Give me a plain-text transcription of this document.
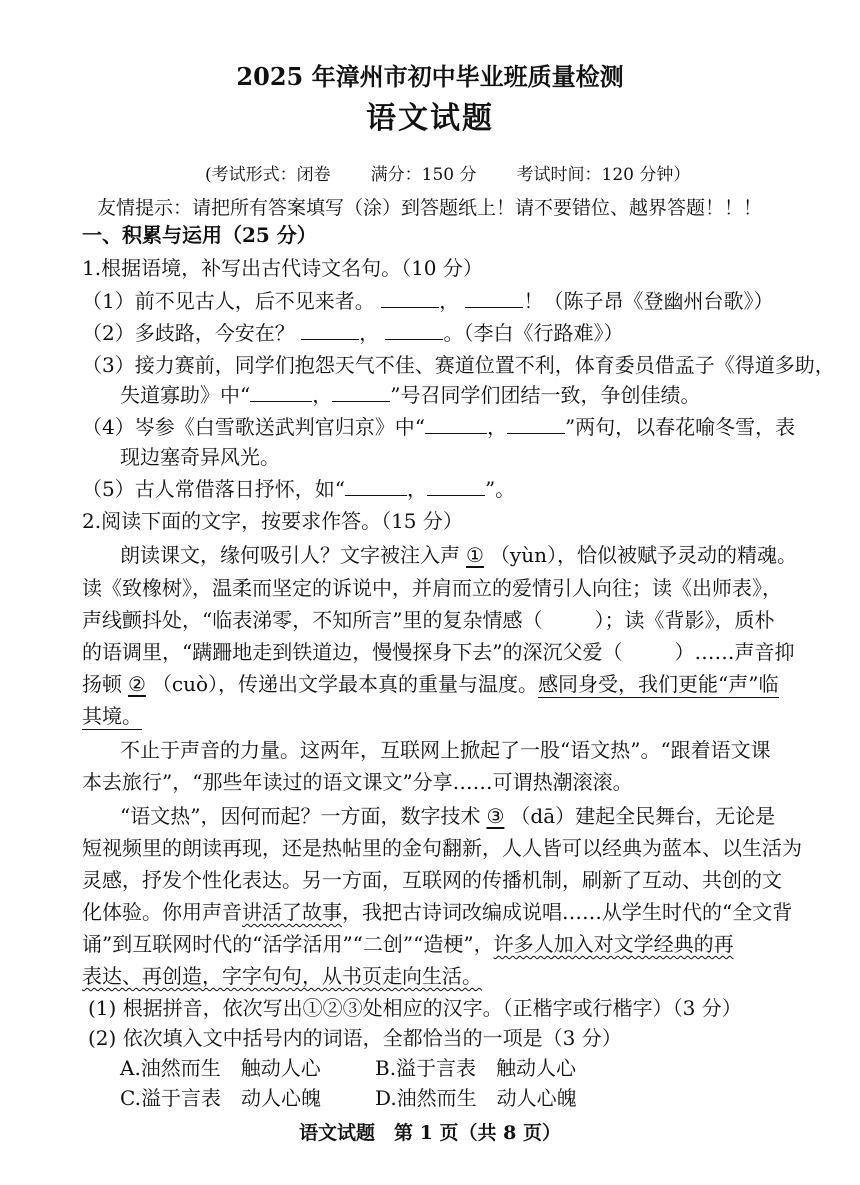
2025 年漳州市初中毕业班质量检测
语文试题
(考试形式：闭卷 满分：150 分 考试时间：120 分钟）
友情提示：请把所有答案填写（涂）到答题纸上！请不要错位、越界答题！！！
一、积累与运用（25 分）
1.根据语境，补写出古代诗文名句。（10 分）
（1）前不见古人，后不见来者。	，	！（陈子昂《登幽州台歌》）
（2）多歧路，今安在？	，	。（李白《行路难》）
（3）接力赛前，同学们抱怨天气不佳、赛道位置不利，体育委员借孟子《得道多助，
失道寡助》中“	，	”号召同学们团结一致，争创佳绩。
（4）岑参《白雪歌送武判官归京》中“	，	”两句，以春花喻冬雪，表
现边塞奇异风光。
（5）古人常借落日抒怀，如“	，	”。
2.阅读下面的文字，按要求作答。（15 分）
朗读课文，缘何吸引人？文字被注入声 ① （yùn），恰似被赋予灵动的精魂。
读《致橡树》，温柔而坚定的诉说中，并肩而立的爱情引人向往；读《出师表》，
声线颤抖处，“临表涕零，不知所言”里的复杂情感（	）；读《背影》，质朴
的语调里，“蹒跚地走到铁道边，慢慢探身下去”的深沉父爱（	）……声音抑
扬顿 ② （cuò），传递出文学最本真的重量与温度。感同身受，我们更能“声”临
其境。
不止于声音的力量。这两年，互联网上掀起了一股“语文热”。“跟着语文课
本去旅行”，“那些年读过的语文课文”分享……可谓热潮滚滚。
“语文热”，因何而起？一方面，数字技术 ③ （dā）建起全民舞台，无论是
短视频里的朗读再现，还是热帖里的金句翻新，人人皆可以经典为蓝本、以生活为
灵感，抒发个性化表达。另一方面，互联网的传播机制，刷新了互动、共创的文
化体验。你用声音讲活了故事，我把古诗词改编成说唱……从学生时代的“全文背
诵”到互联网时代的“活学活用”“二创”“造梗”，许多人加入对文学经典的再
表达、再创造，字字句句，从书页走向生活。
(1) 根据拼音，依次写出①②③处相应的汉字。（正楷字或行楷字）（3 分）
(2) 依次填入文中括号内的词语，全都恰当的一项是（3 分）
A.油然而生　触动人心	B.溢于言表　触动人心
C.溢于言表　动人心魄	D.油然而生　动人心魄
语文试题　第 1 页（共 8 页）
